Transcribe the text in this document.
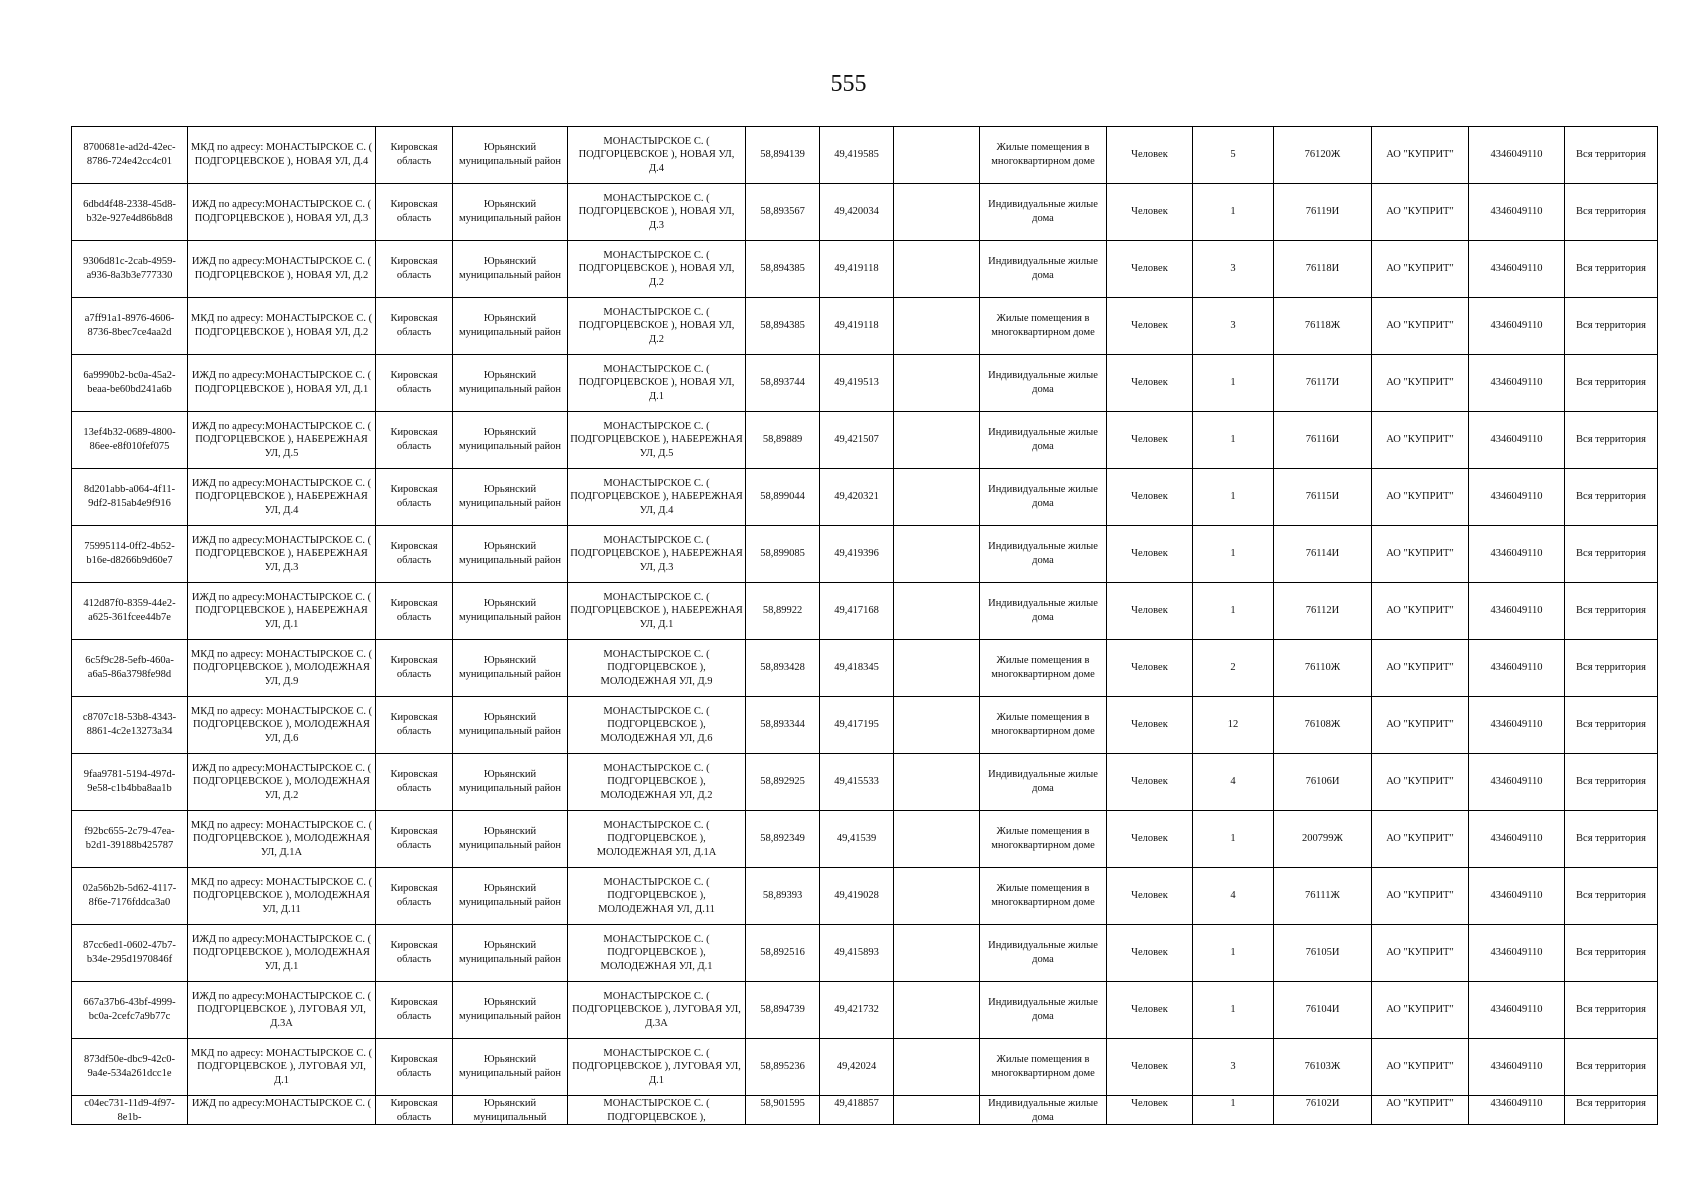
555
8700681e-ad2d-42ec-8786-724e42cc4c01	МКД по адресу: МОНАСТЫРСКОЕ С. ( ПОДГОРЦЕВСКОЕ ), НОВАЯ УЛ, Д.4	Кировская область	Юрьянский муниципальный район	МОНАСТЫРСКОЕ С. ( ПОДГОРЦЕВСКОЕ ), НОВАЯ УЛ, Д.4	58,894139	49,419585		Жилые помещения в многоквартирном доме	Человек	5	76120Ж	АО "КУПРИТ"	4346049110	Вся территория

6dbd4f48-2338-45d8-b32e-927e4d86b8d8	ИЖД по адресу:МОНАСТЫРСКОЕ С. ( ПОДГОРЦЕВСКОЕ ), НОВАЯ УЛ, Д.3	Кировская область	Юрьянский муниципальный район	МОНАСТЫРСКОЕ С. ( ПОДГОРЦЕВСКОЕ ), НОВАЯ УЛ, Д.3	58,893567	49,420034		Индивидуальные жилые дома	Человек	1	76119И	АО "КУПРИТ"	4346049110	Вся территория

9306d81c-2cab-4959-a936-8a3b3e777330	ИЖД по адресу:МОНАСТЫРСКОЕ С. ( ПОДГОРЦЕВСКОЕ ), НОВАЯ УЛ, Д.2	Кировская область	Юрьянский муниципальный район	МОНАСТЫРСКОЕ С. ( ПОДГОРЦЕВСКОЕ ), НОВАЯ УЛ, Д.2	58,894385	49,419118		Индивидуальные жилые дома	Человек	3	76118И	АО "КУПРИТ"	4346049110	Вся территория

a7ff91a1-8976-4606-8736-8bec7ce4aa2d	МКД по адресу: МОНАСТЫРСКОЕ С. ( ПОДГОРЦЕВСКОЕ ), НОВАЯ УЛ, Д.2	Кировская область	Юрьянский муниципальный район	МОНАСТЫРСКОЕ С. ( ПОДГОРЦЕВСКОЕ ), НОВАЯ УЛ, Д.2	58,894385	49,419118		Жилые помещения в многоквартирном доме	Человек	3	76118Ж	АО "КУПРИТ"	4346049110	Вся территория

6a9990b2-bc0a-45a2-beaa-be60bd241a6b	ИЖД по адресу:МОНАСТЫРСКОЕ С. ( ПОДГОРЦЕВСКОЕ ), НОВАЯ УЛ, Д.1	Кировская область	Юрьянский муниципальный район	МОНАСТЫРСКОЕ С. ( ПОДГОРЦЕВСКОЕ ), НОВАЯ УЛ, Д.1	58,893744	49,419513		Индивидуальные жилые дома	Человек	1	76117И	АО "КУПРИТ"	4346049110	Вся территория

13ef4b32-0689-4800-86ee-e8f010fef075	ИЖД по адресу:МОНАСТЫРСКОЕ С. ( ПОДГОРЦЕВСКОЕ ), НАБЕРЕЖНАЯ УЛ, Д.5	Кировская область	Юрьянский муниципальный район	МОНАСТЫРСКОЕ С. ( ПОДГОРЦЕВСКОЕ ), НАБЕРЕЖНАЯ УЛ, Д.5	58,89889	49,421507		Индивидуальные жилые дома	Человек	1	76116И	АО "КУПРИТ"	4346049110	Вся территория

8d201abb-a064-4f11-9df2-815ab4e9f916	ИЖД по адресу:МОНАСТЫРСКОЕ С. ( ПОДГОРЦЕВСКОЕ ), НАБЕРЕЖНАЯ УЛ, Д.4	Кировская область	Юрьянский муниципальный район	МОНАСТЫРСКОЕ С. ( ПОДГОРЦЕВСКОЕ ), НАБЕРЕЖНАЯ УЛ, Д.4	58,899044	49,420321		Индивидуальные жилые дома	Человек	1	76115И	АО "КУПРИТ"	4346049110	Вся территория

75995114-0ff2-4b52-b16e-d8266b9d60e7	ИЖД по адресу:МОНАСТЫРСКОЕ С. ( ПОДГОРЦЕВСКОЕ ), НАБЕРЕЖНАЯ УЛ, Д.3	Кировская область	Юрьянский муниципальный район	МОНАСТЫРСКОЕ С. ( ПОДГОРЦЕВСКОЕ ), НАБЕРЕЖНАЯ УЛ, Д.3	58,899085	49,419396		Индивидуальные жилые дома	Человек	1	76114И	АО "КУПРИТ"	4346049110	Вся территория

412d87f0-8359-44e2-a625-361fcee44b7e	ИЖД по адресу:МОНАСТЫРСКОЕ С. ( ПОДГОРЦЕВСКОЕ ), НАБЕРЕЖНАЯ УЛ, Д.1	Кировская область	Юрьянский муниципальный район	МОНАСТЫРСКОЕ С. ( ПОДГОРЦЕВСКОЕ ), НАБЕРЕЖНАЯ УЛ, Д.1	58,89922	49,417168		Индивидуальные жилые дома	Человек	1	76112И	АО "КУПРИТ"	4346049110	Вся территория

6c5f9c28-5efb-460a-a6a5-86a3798fe98d	МКД по адресу: МОНАСТЫРСКОЕ С. ( ПОДГОРЦЕВСКОЕ ), МОЛОДЕЖНАЯ УЛ, Д.9	Кировская область	Юрьянский муниципальный район	МОНАСТЫРСКОЕ С. ( ПОДГОРЦЕВСКОЕ ), МОЛОДЕЖНАЯ УЛ, Д.9	58,893428	49,418345		Жилые помещения в многоквартирном доме	Человек	2	76110Ж	АО "КУПРИТ"	4346049110	Вся территория

c8707c18-53b8-4343-8861-4c2e13273a34	МКД по адресу: МОНАСТЫРСКОЕ С. ( ПОДГОРЦЕВСКОЕ ), МОЛОДЕЖНАЯ УЛ, Д.6	Кировская область	Юрьянский муниципальный район	МОНАСТЫРСКОЕ С. ( ПОДГОРЦЕВСКОЕ ), МОЛОДЕЖНАЯ УЛ, Д.6	58,893344	49,417195		Жилые помещения в многоквартирном доме	Человек	12	76108Ж	АО "КУПРИТ"	4346049110	Вся территория

9faa9781-5194-497d-9e58-c1b4bba8aa1b	ИЖД по адресу:МОНАСТЫРСКОЕ С. ( ПОДГОРЦЕВСКОЕ ), МОЛОДЕЖНАЯ УЛ, Д.2	Кировская область	Юрьянский муниципальный район	МОНАСТЫРСКОЕ С. ( ПОДГОРЦЕВСКОЕ ), МОЛОДЕЖНАЯ УЛ, Д.2	58,892925	49,415533		Индивидуальные жилые дома	Человек	4	76106И	АО "КУПРИТ"	4346049110	Вся территория

f92bc655-2c79-47ea-b2d1-39188b425787	МКД по адресу: МОНАСТЫРСКОЕ С. ( ПОДГОРЦЕВСКОЕ ), МОЛОДЕЖНАЯ УЛ, Д.1А	Кировская область	Юрьянский муниципальный район	МОНАСТЫРСКОЕ С. ( ПОДГОРЦЕВСКОЕ ), МОЛОДЕЖНАЯ УЛ, Д.1А	58,892349	49,41539		Жилые помещения в многоквартирном доме	Человек	1	200799Ж	АО "КУПРИТ"	4346049110	Вся территория

02a56b2b-5d62-4117-8f6e-7176fddca3a0	МКД по адресу: МОНАСТЫРСКОЕ С. ( ПОДГОРЦЕВСКОЕ ), МОЛОДЕЖНАЯ УЛ, Д.11	Кировская область	Юрьянский муниципальный район	МОНАСТЫРСКОЕ С. ( ПОДГОРЦЕВСКОЕ ), МОЛОДЕЖНАЯ УЛ, Д.11	58,89393	49,419028		Жилые помещения в многоквартирном доме	Человек	4	76111Ж	АО "КУПРИТ"	4346049110	Вся территория

87cc6ed1-0602-47b7-b34e-295d1970846f	ИЖД по адресу:МОНАСТЫРСКОЕ С. ( ПОДГОРЦЕВСКОЕ ), МОЛОДЕЖНАЯ УЛ, Д.1	Кировская область	Юрьянский муниципальный район	МОНАСТЫРСКОЕ С. ( ПОДГОРЦЕВСКОЕ ), МОЛОДЕЖНАЯ УЛ, Д.1	58,892516	49,415893		Индивидуальные жилые дома	Человек	1	76105И	АО "КУПРИТ"	4346049110	Вся территория

667a37b6-43bf-4999-bc0a-2cefc7a9b77c	ИЖД по адресу:МОНАСТЫРСКОЕ С. ( ПОДГОРЦЕВСКОЕ ), ЛУГОВАЯ УЛ, Д.3А	Кировская область	Юрьянский муниципальный район	МОНАСТЫРСКОЕ С. ( ПОДГОРЦЕВСКОЕ ), ЛУГОВАЯ УЛ, Д.3А	58,894739	49,421732		Индивидуальные жилые дома	Человек	1	76104И	АО "КУПРИТ"	4346049110	Вся территория

873df50e-dbc9-42c0-9a4e-534a261dcc1e	МКД по адресу: МОНАСТЫРСКОЕ С. ( ПОДГОРЦЕВСКОЕ ), ЛУГОВАЯ УЛ, Д.1	Кировская область	Юрьянский муниципальный район	МОНАСТЫРСКОЕ С. ( ПОДГОРЦЕВСКОЕ ), ЛУГОВАЯ УЛ, Д.1	58,895236	49,42024		Жилые помещения в многоквартирном доме	Человек	3	76103Ж	АО "КУПРИТ"	4346049110	Вся территория

c04ec731-11d9-4f97-8e1b-	ИЖД по адресу:МОНАСТЫРСКОЕ С. (	Кировская область	Юрьянский муниципальный	МОНАСТЫРСКОЕ С. ( ПОДГОРЦЕВСКОЕ ),	58,901595	49,418857		Индивидуальные жилые дома	Человек	1	76102И	АО "КУПРИТ"	4346049110	Вся территория
